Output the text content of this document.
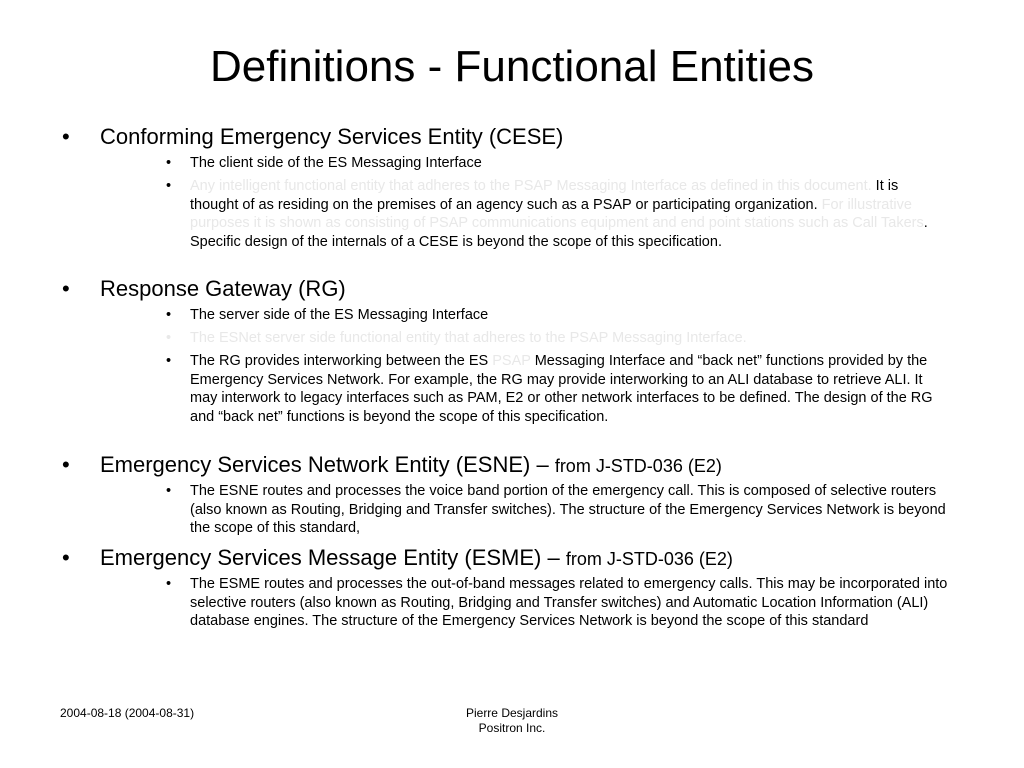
Definitions - Functional Entities
• Conforming Emergency Services Entity (CESE)
• The client side of the ES Messaging Interface
• Any intelligent functional entity that adheres to the PSAP Messaging Interface as defined in this document. It is thought of as residing on the premises of an agency such as a PSAP or participating organization. For illustrative purposes it is shown as consisting of PSAP communications equipment and end point stations such as Call Takers. Specific design of the internals of a CESE is beyond the scope of this specification.
• Response Gateway (RG)
• The server side of the ES Messaging Interface
• The ESNet server side functional entity that adheres to the PSAP Messaging Interface.
• The RG provides interworking between the ES PSAP Messaging Interface and “back net” functions provided by the Emergency Services Network. For example, the RG may provide interworking to an ALI database to retrieve ALI. It may interwork to legacy interfaces such as PAM, E2 or other network interfaces to be defined. The design of the RG and “back net” functions is beyond the scope of this specification.
• Emergency Services Network Entity (ESNE) – from J-STD-036 (E2)
• The ESNE routes and processes the voice band portion of the emergency call. This is composed of selective routers (also known as Routing, Bridging and Transfer switches). The structure of the Emergency Services Network is beyond the scope of this standard,
• Emergency Services Message Entity (ESME) – from J-STD-036 (E2)
• The ESME routes and processes the out-of-band messages related to emergency calls. This may be incorporated into selective routers (also known as Routing, Bridging and Transfer switches) and Automatic Location Information (ALI) database engines. The structure of the Emergency Services Network is beyond the scope of this standard
2004-08-18 (2004-08-31)	Pierre Desjardins
Positron Inc.
